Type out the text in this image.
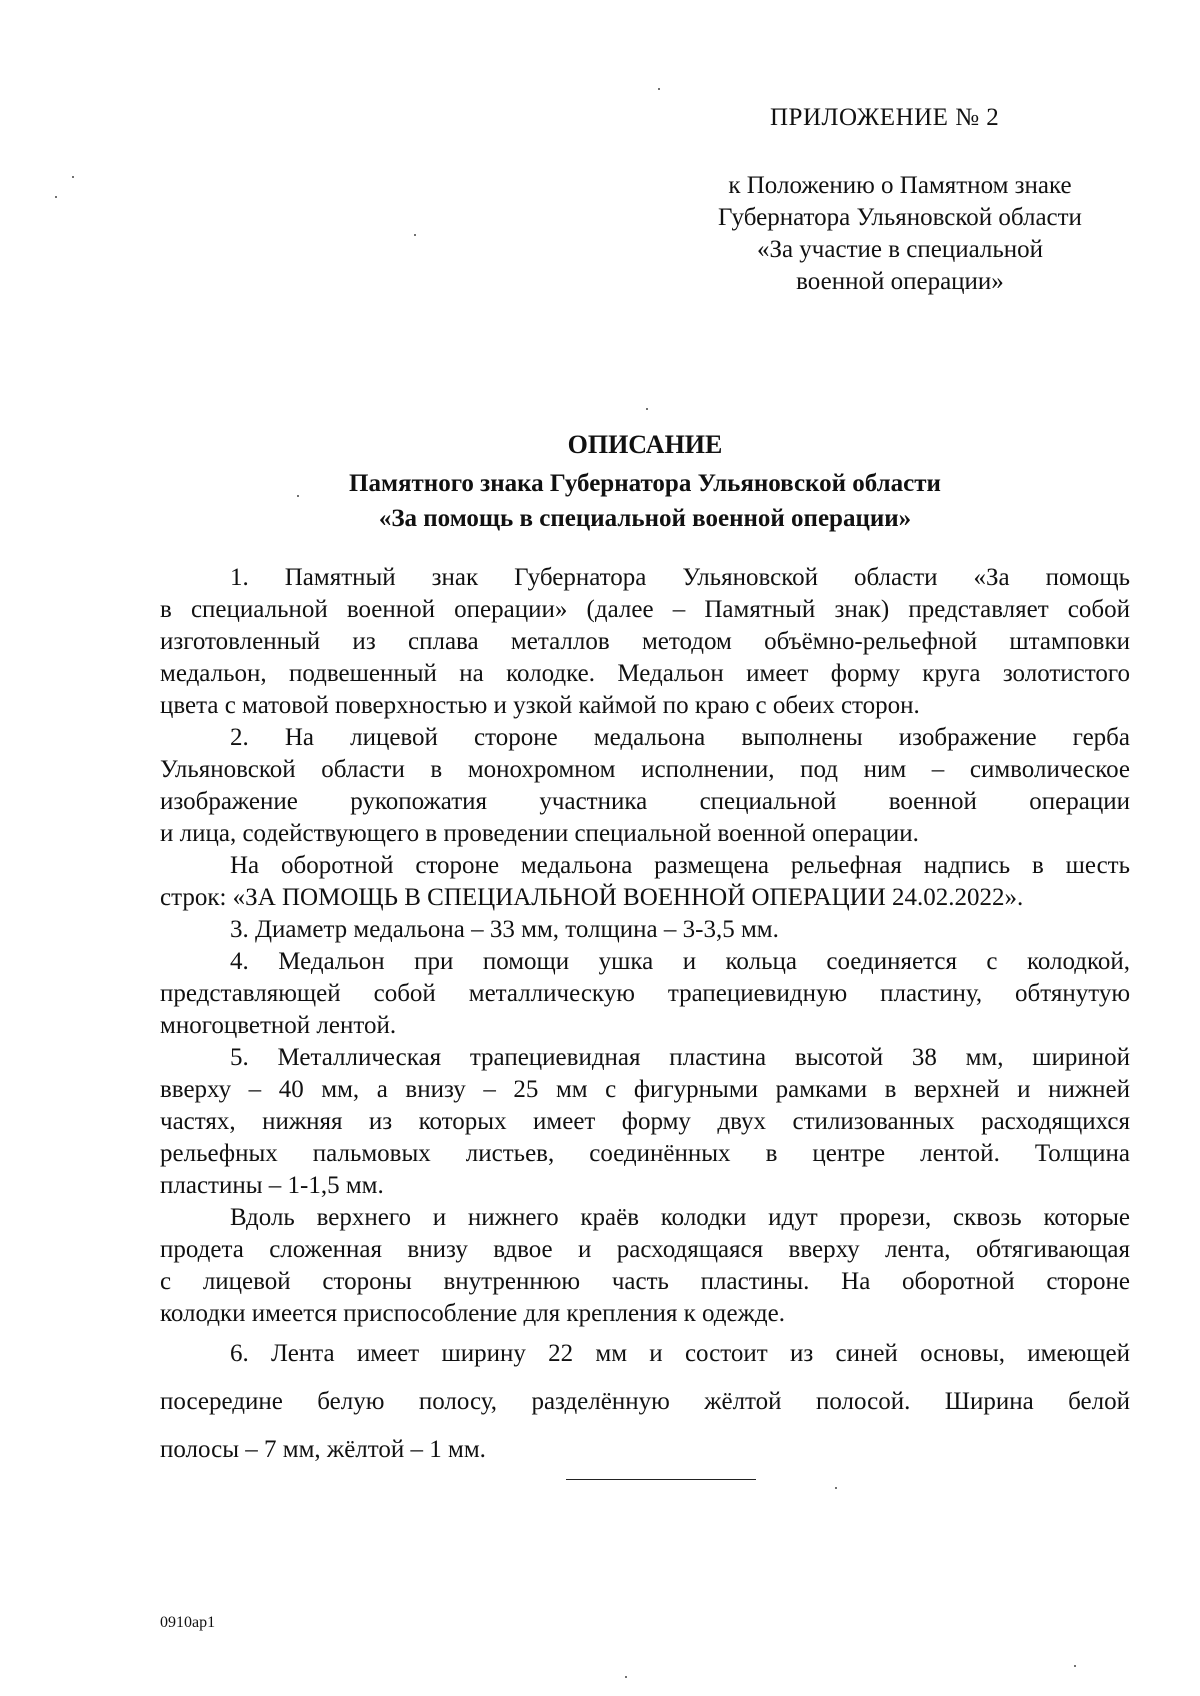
ПРИЛОЖЕНИЕ № 2
к Положению о Памятном знаке
Губернатора Ульяновской области
«За участие в специальной
военной операции»
ОПИСАНИЕ
Памятного знака Губернатора Ульяновской области
«За помощь в специальной военной операции»
1. Памятный знак Губернатора Ульяновской области «За помощь
в специальной военной операции» (далее – Памятный знак) представляет собой
изготовленный из сплава металлов методом объёмно-рельефной штамповки
медальон, подвешенный на колодке. Медальон имеет форму круга золотистого
цвета с матовой поверхностью и узкой каймой по краю с обеих сторон.
2. На лицевой стороне медальона выполнены изображение герба
Ульяновской области в монохромном исполнении, под ним – символическое
изображение рукопожатия участника специальной военной операции
и лица, содействующего в проведении специальной военной операции.
На оборотной стороне медальона размещена рельефная надпись в шесть
строк: «ЗА ПОМОЩЬ В СПЕЦИАЛЬНОЙ ВОЕННОЙ ОПЕРАЦИИ 24.02.2022».
3. Диаметр медальона – 33 мм, толщина – 3-3,5 мм.
4. Медальон при помощи ушка и кольца соединяется с колодкой,
представляющей собой металлическую трапециевидную пластину, обтянутую
многоцветной лентой.
5. Металлическая трапециевидная пластина высотой 38 мм, шириной
вверху – 40 мм, а внизу – 25 мм с фигурными рамками в верхней и нижней
частях, нижняя из которых имеет форму двух стилизованных расходящихся
рельефных пальмовых листьев, соединённых в центре лентой. Толщина
пластины – 1-1,5 мм.
Вдоль верхнего и нижнего краёв колодки идут прорези, сквозь которые
продета сложенная внизу вдвое и расходящаяся вверху лента, обтягивающая
с лицевой стороны внутреннюю часть пластины. На оборотной стороне
колодки имеется приспособление для крепления к одежде.
6. Лента имеет ширину 22 мм и состоит из синей основы, имеющей
посередине белую полосу, разделённую жёлтой полосой. Ширина белой
полосы – 7 мм, жёлтой – 1 мм.
0910ap1
